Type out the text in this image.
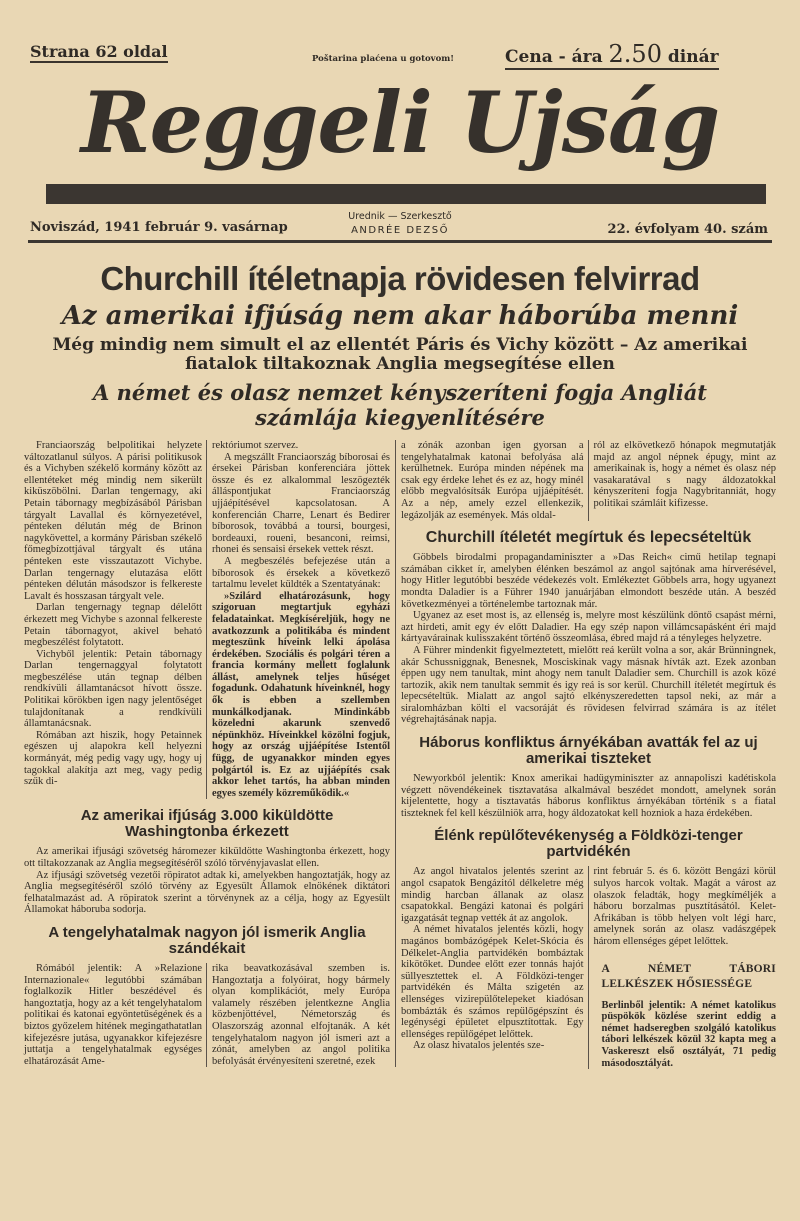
Strana 62 oldal	Poštarina plaćena u gotovom!	Cena - ára 2.50 dinár
Reggeli Ujság
Noviszád, 1941 február 9. vasárnap
Urednik — Szerkesztő
ANDRÉE DEZSŐ	22. évfolyam 40. szám
Churchill ítéletnapja rövidesen felvirrad
Az amerikai ifjúság nem akar háborúba menni
Még mindig nem simult el az ellentét Páris és Vichy között – Az amerikai fiatalok tiltakoznak Anglia megsegítése ellen
A német és olasz nemzet kényszeríteni fogja Angliát számlája kiegyenlítésére

Franciaország belpolitikai helyzete változatlanul súlyos. A párisi politikusok és a Vichyben székelő kormány között az ellentéteket még mindig nem sikerült kiküszöbölni. Darlan tengernagy, aki Petain tábornagy megbízásából Párisban tárgyalt Lavallal és környezetével, pénteken délután még de Brinon nagykövettel, a kormány Párisban székelő főmegbízottjával tárgyalt és utána pénteken este visszautazott Vichybe. Darlan tengernagy elutazása előtt pénteken délután másodszor is felkereste Lavalt és hosszasan tárgyalt vele.

Darlan tengernagy tegnap délelőtt érkezett meg Vichybe s azonnal felkereste Petain tábornagyot, akivel beható megbeszélést folytatott.

Vichyből jelentik: Petain tábornagy Darlan tengernaggyal folytatott megbeszélése után tegnap délben rendkívüli államtanácsot hívott össze. Politikai körökben igen nagy jelentőséget tulajdonítanak a rendkívüli államtanácsnak.

Rómában azt hiszik, hogy Petainnek egészen uj alapokra kell helyezni kormányát, még pedig vagy ugy, hogy uj tagokkal alakítja azt meg, vagy pedig szűk di-

rektóriumot szervez.

A megszállt Franciaország bíborosai és érsekei Párisban konferenciára jöttek össze és ez alkalommal leszögezték álláspontjukat Franciaország ujjáépítésével kapcsolatosan. A konferencián Charre, Lenart és Bedirer bíborosok, továbbá a toursi, bourgesi, bordeauxi, roueni, besanconi, reimsi, rhonei és sensaisi érsekek vettek részt.

A megbeszélés befejezése után a bíborosok és érsekek a következő tartalmu levelet küldték a Szentatyának:

»Szilárd elhatározásunk, hogy szigoruan megtartjuk egyházi feladatainkat. Megkíséreljük, hogy ne avatkozzunk a politikába és mindent megteszünk híveink lelki ápolása érdekében. Szociális és polgári téren a francia kormány mellett foglalunk állást, amelynek teljes hűséget fogadunk. Odahatunk híveinknél, hogy ők is ebben a szellemben munkálkodjanak. Mindinkább közeledni akarunk szenvedő népünkhöz. Híveinkkel közölni fogjuk, hogy az ország ujjáépítése Istentől függ, de ugyanakkor minden egyes polgártól is. Ez az ujjáépítés csak akkor lehet tartós, ha abban minden egyes személy közreműködik.«

Az amerikai ifjúság 3.000 kiküldötte Washingtonba érkezett

Az amerikai ifjusági szövetség háromezer kiküldötte Washingtonba érkezett, hogy ott tiltakozzanak az Anglia megsegítéséről szóló törvényjavaslat ellen.

Az ifjusági szövetség vezetői röpiratot adtak ki, amelyekben hangoztatják, hogy az Anglia megsegítéséről szóló törvény az Egyesült Államok elnökének diktátori felhatalmazást ad. A röpiratok szerint a törvénynek az a célja, hogy az Egyesült Államokat háboruba sodorja.

A tengelyhatalmak nagyon jól ismerik Anglia szándékait

Rómából jelentik: A »Relazione Internazionale« legutóbbi számában foglalkozik Hitler beszédével és hangoztatja, hogy az a két tengelyhatalom politikai és katonai egyöntetűségének és a biztos győzelem hitének megingathatatlan kifejezésre jutása, ugyanakkor kifejezésre juttatja a tengelyhatalmak egységes elhatározását Ame-

rika beavatkozásával szemben is. Hangoztatja a folyóirat, hogy bármely olyan komplikációt, mely Európa valamely részében jelentkezne Anglia közbenjöttével, Németország és Olaszország azonnal elfojtanák. A két tengelyhatalom nagyon jól ismeri azt a zónát, amelyben az angol politika befolyását érvényesíteni szeretné, ezek

a zónák azonban igen gyorsan a tengelyhatalmak katonai befolyása alá kerülhetnek. Európa minden népének ma csak egy érdeke lehet és ez az, hogy minél előbb megvalósítsák Európa ujjáépítését. Az a nép, amely ezzel ellenkezik, legázolják az események. Más oldal-

ról az elkövetkező hónapok megmutatják majd az angol népnek épugy, mint az amerikainak is, hogy a német és olasz nép vasakaratával s nagy áldozatokkal kényszeríteni fogja Nagybritanniát, hogy politikai számláit kifizesse.

Churchill ítéletét megírtuk és lepecsételtük

Göbbels birodalmi propagandaminiszter a »Das Reich« cimű hetilap tegnapi számában cikket ír, amelyben élénken beszámol az angol sajtónak ama hírverésével, hogy Hitler legutóbbi beszéde védekezés volt. Emlékeztet Göbbels arra, hogy ugyanezt mondta Daladier is a Führer 1940 januárjában elmondott beszéde után. A beszéd következményei a történelembe tartoznak már.

Ugyanez az eset most is, az ellenség is, melyre most készülünk döntő csapást mérni, azt hirdeti, amit egy év előtt Daladier. Ha egy szép napon villámcsapásként éri majd kártyavárainak kulisszaként történő összeomlása, ébred majd rá a tényleges helyzetre.

A Führer mindenkit figyelmeztetett, mielőtt reá került volna a sor, akár Brünningnek, akár Schussniggnak, Benesnek, Mosciskinak vagy másnak hívták azt. Ezek azonban éppen ugy nem tanultak, mint ahogy nem tanult Daladier sem. Churchill is azok közé tartozik, akik nem tanultak semmit és igy reá is sor kerül. Churchill ítéletét megírtuk és lepecsételtük. Mialatt az angol sajtó elkényszeredetten tapsol neki, az már a siralomházban költi el vacsoráját és rövidesen felvirrad számára is az ítélet végrehajtásának napja.

Háborus konfliktus árnyékában avatták fel az uj amerikai tiszteket

Newyorkból jelentik: Knox amerikai hadügyminiszter az annapoliszi kadétiskola végzett növendékeinek tisztavatása alkalmával beszédet mondott, amelynek során kijelentette, hogy a tisztavatás háborus konfliktus árnyékában történik s a fiatal tiszteknek fel kell készülniök arra, hogy áldozatokat kell hozniok a haza érdekében.

Élénk repülőtevékenység a Földközi-tenger partvidékén

Az angol hivatalos jelentés szerint az angol csapatok Bengázitól délkeletre még mindig harcban állanak az olasz csapatokkal. Bengázi katonai és polgári igazgatását tegnap vették át az angolok.

A német hivatalos jelentés közli, hogy magános bombázógépek Kelet-Skócia és Délkelet-Anglia partvidékén bombáztak kikötőket. Dundee előtt ezer tonnás hajót süllyesztettek el. A Földközi-tenger partvidékén és Málta szigetén az ellenséges vizirepülőtelepeket kiadósan bombázták és számos repülőgépszínt és legénységi épületet elpusztítottak. Egy ellenséges repülőgépet lelőttek.

Az olasz hivatalos jelentés sze-

rint február 5. és 6. között Bengázi körül sulyos harcok voltak. Magát a várost az olaszok feladták, hogy megkíméljék a háboru borzalmas pusztításától. Kelet-Afrikában is több helyen volt légi harc, amelynek során az olasz vadászgépek három ellenséges gépet lelőttek.

A NÉMET TÁBORI LELKÉSZEK HŐSIESSÉGE

Berlinből jelentik: A német katolikus püspökök közlése szerint eddig a német hadseregben szolgáló katolikus tábori lelkészek közül 32 kapta meg a Vaskereszt első osztályát, 71 pedig másodosztályát.
